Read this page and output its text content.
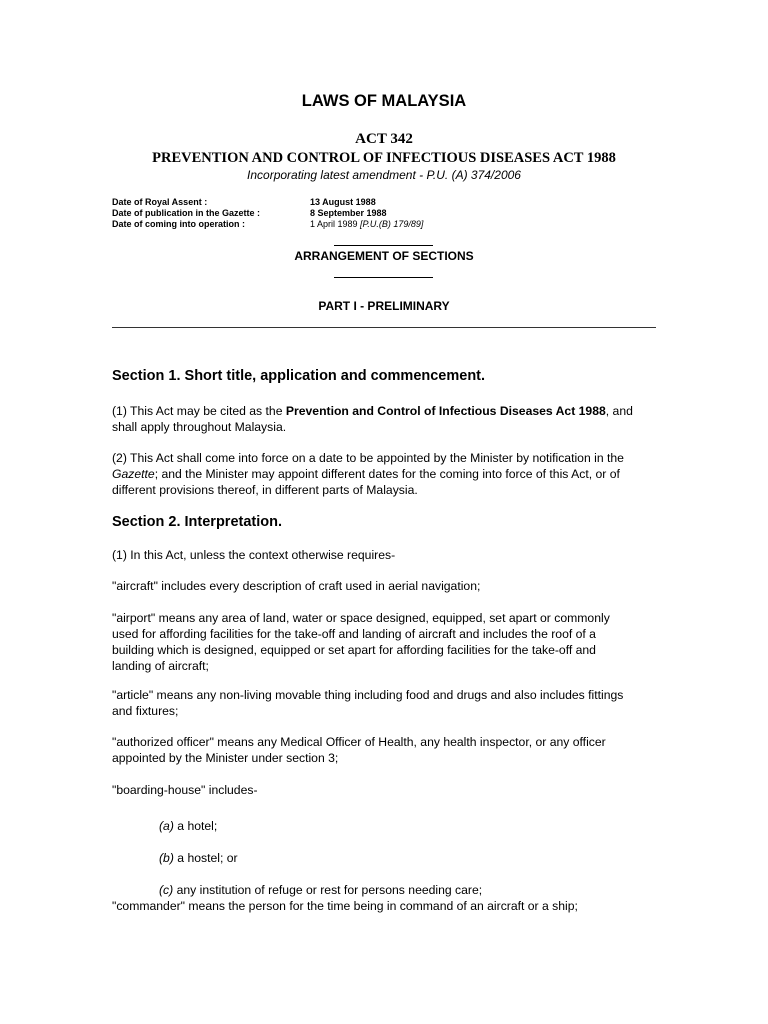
LAWS OF MALAYSIA
ACT 342
PREVENTION AND CONTROL OF INFECTIOUS DISEASES ACT 1988
Incorporating latest amendment - P.U. (A) 374/2006
Date of Royal Assent :	13 August 1988
Date of publication in the Gazette :	8 September 1988
Date of coming into operation :	1 April 1989 [P.U.(B) 179/89]
ARRANGEMENT OF SECTIONS
PART I - PRELIMINARY
Section 1. Short title, application and commencement.
(1) This Act may be cited as the Prevention and Control of Infectious Diseases Act 1988, and
shall apply throughout Malaysia.
(2) This Act shall come into force on a date to be appointed by the Minister by notification in the
Gazette; and the Minister may appoint different dates for the coming into force of this Act, or of
different provisions thereof, in different parts of Malaysia.
Section 2. Interpretation.
(1) In this Act, unless the context otherwise requires-
"aircraft" includes every description of craft used in aerial navigation;
"airport" means any area of land, water or space designed, equipped, set apart or commonly
used for affording facilities for the take-off and landing of aircraft and includes the roof of a
building which is designed, equipped or set apart for affording facilities for the take-off and
landing of aircraft;
"article" means any non-living movable thing including food and drugs and also includes fittings
and fixtures;
"authorized officer" means any Medical Officer of Health, any health inspector, or any officer
appointed by the Minister under section 3;
"boarding-house" includes-
(a) a hotel;
(b) a hostel; or
(c) any institution of refuge or rest for persons needing care;
"commander" means the person for the time being in command of an aircraft or a ship;
